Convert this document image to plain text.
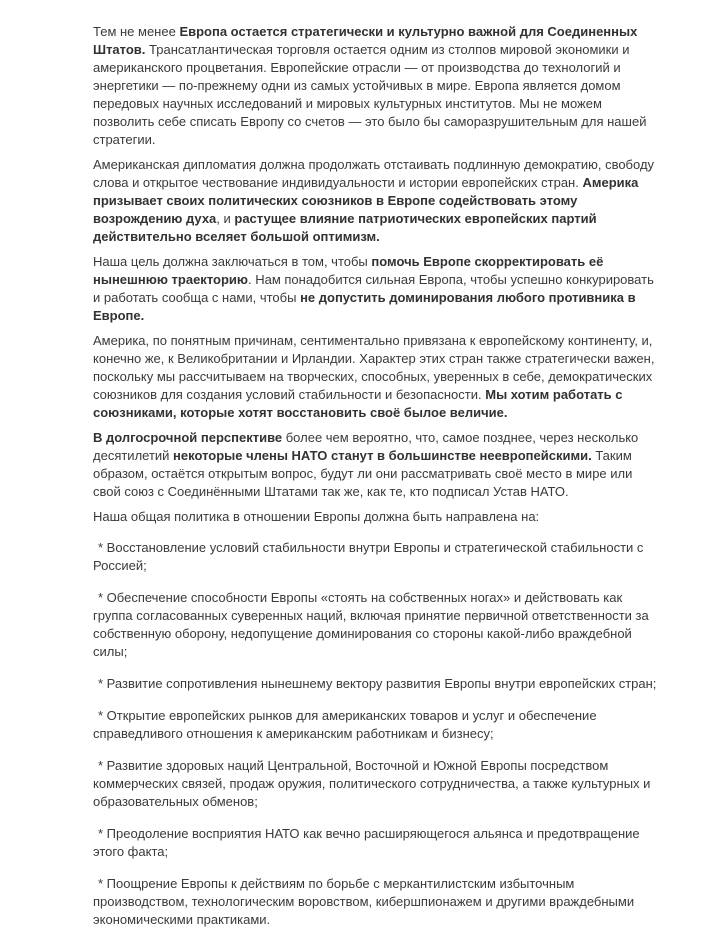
Тем не менее Европа остается стратегически и культурно важной для Соединенных Штатов. Трансатлантическая торговля остается одним из столпов мировой экономики и американского процветания. Европейские отрасли — от производства до технологий и энергетики — по-прежнему одни из самых устойчивых в мире. Европа является домом передовых научных исследований и мировых культурных институтов. Мы не можем позволить себе списать Европу со счетов — это было бы саморазрушительным для нашей стратегии.

Американская дипломатия должна продолжать отстаивать подлинную демократию, свободу слова и открытое чествование индивидуальности и истории европейских стран. Америка призывает своих политических союзников в Европе содействовать этому возрождению духа, и растущее влияние патриотических европейских партий действительно вселяет большой оптимизм.

Наша цель должна заключаться в том, чтобы помочь Европе скорректировать её нынешнюю траекторию. Нам понадобится сильная Европа, чтобы успешно конкурировать и работать сообща с нами, чтобы не допустить доминирования любого противника в Европе.

Америка, по понятным причинам, сентиментально привязана к европейскому континенту, и, конечно же, к Великобритании и Ирландии. Характер этих стран также стратегически важен, поскольку мы рассчитываем на творческих, способных, уверенных в себе, демократических союзников для создания условий стабильности и безопасности. Мы хотим работать с союзниками, которые хотят восстановить своё былое величие.

В долгосрочной перспективе более чем вероятно, что, самое позднее, через несколько десятилетий некоторые члены НАТО станут в большинстве неевропейскими. Таким образом, остаётся открытым вопрос, будут ли они рассматривать своё место в мире или свой союз с Соединёнными Штатами так же, как те, кто подписал Устав НАТО.

Наша общая политика в отношении Европы должна быть направлена на:

* Восстановление условий стабильности внутри Европы и стратегической стабильности с Россией;

* Обеспечение способности Европы «стоять на собственных ногах» и действовать как группа согласованных суверенных наций, включая принятие первичной ответственности за собственную оборону, недопущение доминирования со стороны какой-либо враждебной силы;

* Развитие сопротивления нынешнему вектору развития Европы внутри европейских стран;

* Открытие европейских рынков для американских товаров и услуг и обеспечение справедливого отношения к американским работникам и бизнесу;

* Развитие здоровых наций Центральной, Восточной и Южной Европы посредством коммерческих связей, продаж оружия, политического сотрудничества, а также культурных и образовательных обменов;

* Преодоление восприятия НАТО как вечно расширяющегося альянса и предотвращение этого факта;

* Поощрение Европы к действиям по борьбе с меркантилистским избыточным производством, технологическим воровством, кибершпионажем и другими враждебными экономическими практиками.
